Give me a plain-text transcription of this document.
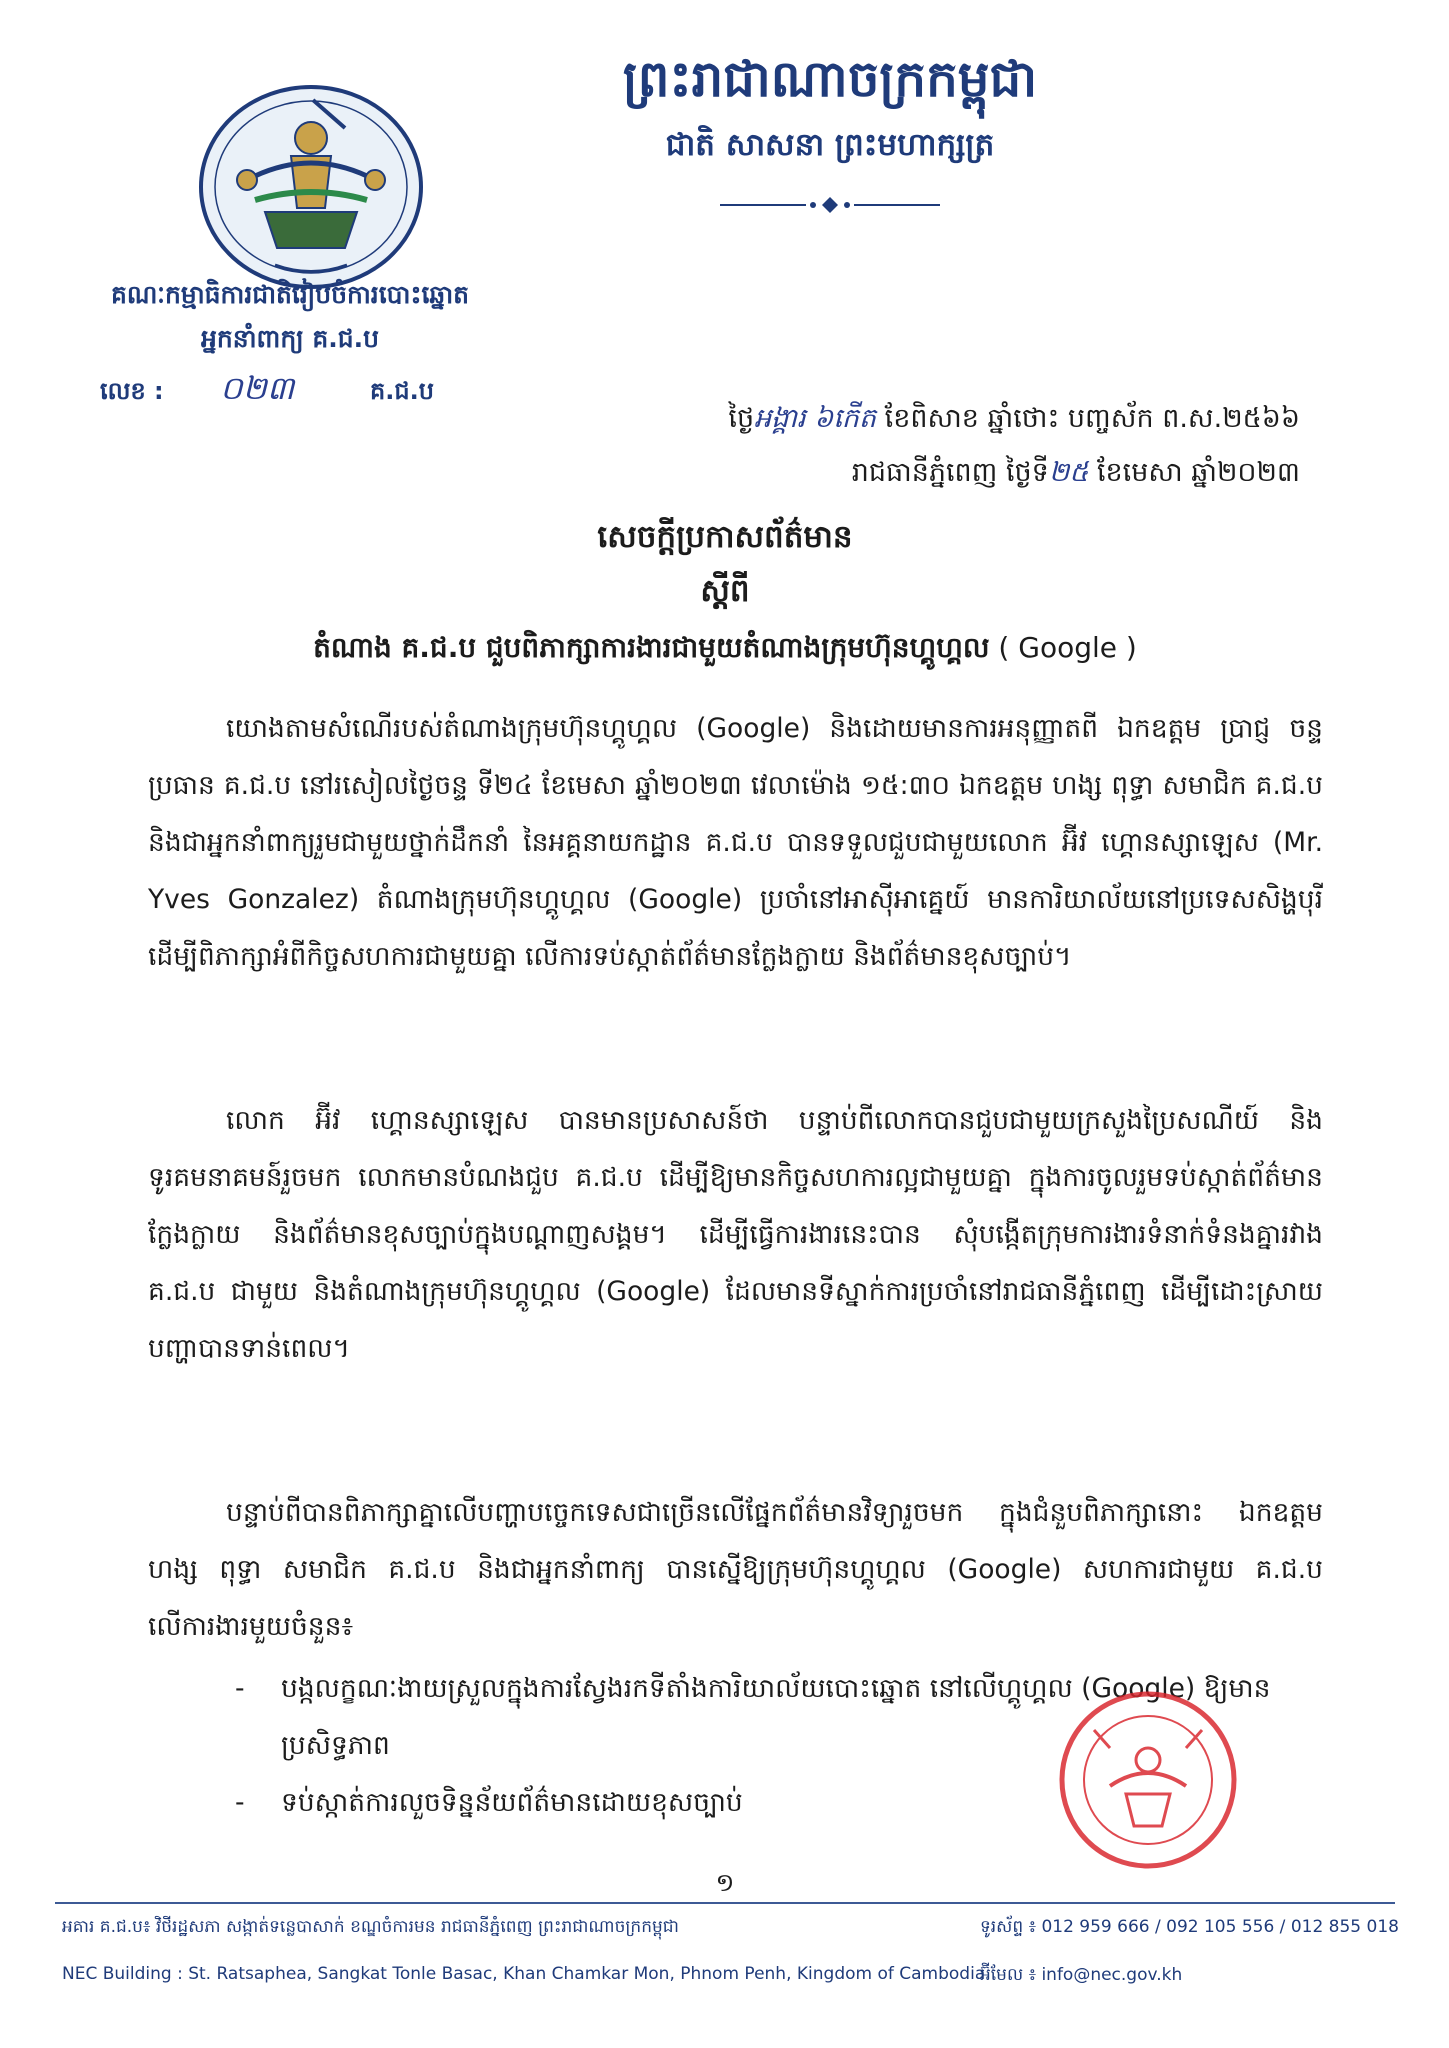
គណៈកម្មាធិការជាតិរៀបចំការបោះឆ្នោត
អ្នកនាំពាក្យ គ.ជ.ប
លេខ : ០២៣	គ.ជ.ប
ព្រះរាជាណាចក្រកម្ពុជា
ជាតិ សាសនា ព្រះមហាក្សត្រ
ថ្ងៃអង្គារ ៦កើត ខែពិសាខ ឆ្នាំថោះ បញ្ចស័ក ព.ស.២៥៦៦
រាជធានីភ្នំពេញ ថ្ងៃទី២៥ ខែមេសា ឆ្នាំ២០២៣
សេចក្ដីប្រកាសព័ត៌មាន
ស្ដីពី
តំណាង គ.ជ.ប ជួបពិភាក្សាការងារជាមួយតំណាងក្រុមហ៊ុនហ្គូហ្គល ( Google )

យោងតាមសំណើរបស់តំណាងក្រុមហ៊ុនហ្គូហ្គល (Google) និងដោយមានការអនុញ្ញាតពី ឯកឧត្តម ប្រាជ្ញ ចន្ទ ប្រធាន គ.ជ.ប នៅរសៀលថ្ងៃចន្ទ ទី២៤ ខែមេសា ឆ្នាំ២០២៣ វេលាម៉ោង ១៥:៣០ ឯកឧត្តម ហង្ស ពុទ្ធា សមាជិក គ.ជ.ប និងជាអ្នកនាំពាក្យរួមជាមួយថ្នាក់ដឹកនាំ នៃអគ្គនាយកដ្ឋាន គ.ជ.ប បានទទួលជួបជាមួយលោក អ៊ីវ ហ្គោនស្សាឡេស (Mr. Yves Gonzalez) តំណាងក្រុមហ៊ុនហ្គូហ្គល (Google) ប្រចាំនៅអាស៊ីអាគ្នេយ៍ មានការិយាល័យនៅប្រទេសសិង្ហបុរី ដើម្បីពិភាក្សាអំពីកិច្ចសហការជាមួយគ្នា លើការទប់ស្កាត់ព័ត៌មានក្លែងក្លាយ និងព័ត៌មានខុសច្បាប់។

លោក អ៊ីវ ហ្គោនស្សាឡេស បានមានប្រសាសន៍ថា បន្ទាប់ពីលោកបានជួបជាមួយក្រសួងប្រៃសណីយ៍ និងទូរគមនាគមន៍រួចមក លោកមានបំណងជួប គ.ជ.ប ដើម្បីឱ្យមានកិច្ចសហការល្អជាមួយគ្នា ក្នុងការចូលរួមទប់ស្កាត់ព័ត៌មានក្លែងក្លាយ និងព័ត៌មានខុសច្បាប់ក្នុងបណ្ដាញសង្គម។ ដើម្បីធ្វើការងារនេះបាន សុំបង្កើតក្រុមការងារទំនាក់ទំនងគ្នារវាង គ.ជ.ប ជាមួយ និងតំណាងក្រុមហ៊ុនហ្គូហ្គល (Google) ដែលមានទីស្នាក់ការប្រចាំនៅរាជធានីភ្នំពេញ ដើម្បីដោះស្រាយបញ្ហាបានទាន់ពេល។

បន្ទាប់ពីបានពិភាក្សាគ្នាលើបញ្ហាបច្ចេកទេសជាច្រើនលើផ្នែកព័ត៌មានវិទ្យារួចមក ក្នុងជំនួបពិភាក្សានោះ ឯកឧត្តម ហង្ស ពុទ្ធា សមាជិក គ.ជ.ប និងជាអ្នកនាំពាក្យ បានស្នើឱ្យក្រុមហ៊ុនហ្គូហ្គល (Google) សហការជាមួយ គ.ជ.ប លើការងារមួយចំនួន៖

- បង្កលក្ខណៈងាយស្រួលក្នុងការស្វែងរកទីតាំងការិយាល័យបោះឆ្នោត នៅលើហ្គូហ្គល (Google) ឱ្យមានប្រសិទ្ធភាព
- ទប់ស្កាត់ការលួចទិន្នន័យព័ត៌មានដោយខុសច្បាប់
១
អគារ គ.ជ.ប៖ វិថីរដ្ឋសភា សង្កាត់ទន្លេបាសាក់ ខណ្ឌចំការមន រាជធានីភ្នំពេញ ព្រះរាជាណាចក្រកម្ពុជា
NEC Building : St. Ratsaphea, Sangkat Tonle Basac, Khan Chamkar Mon, Phnom Penh, Kingdom of Cambodia
ទូរស័ព្ទ ៖ 012 959 666 / 092 105 556 / 012 855 018
អ៊ីមែល ៖ info@nec.gov.kh
